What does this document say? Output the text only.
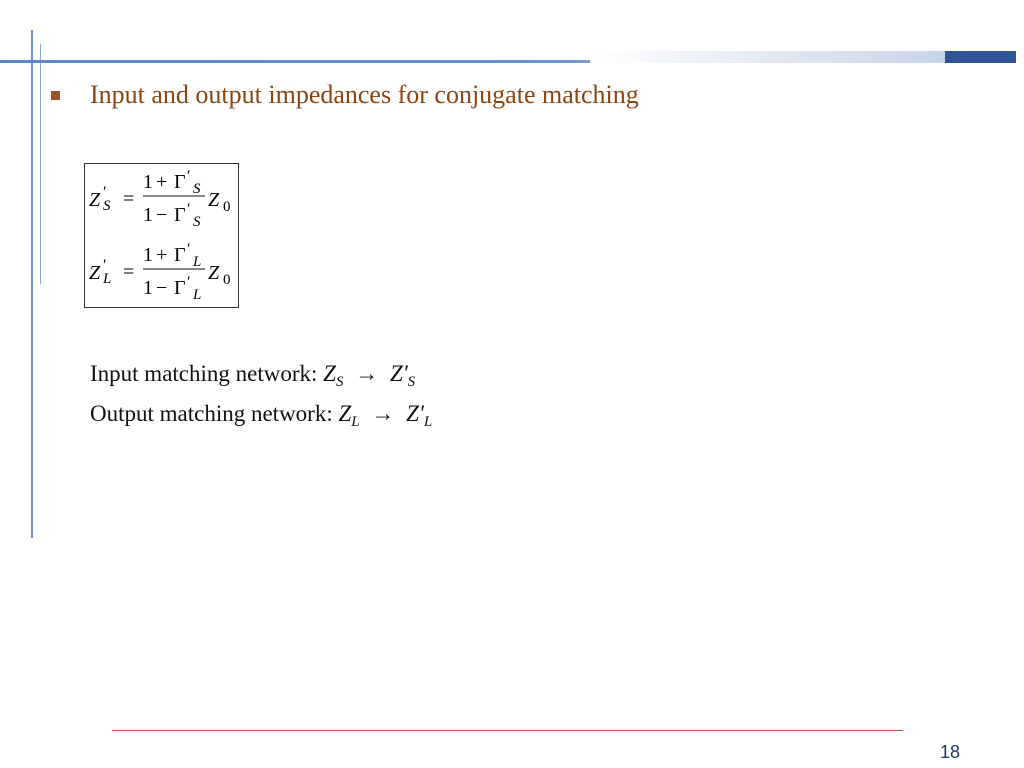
Input and output impedances for conjugate matching
Z ′
S =
1 + Γ ′
S
1 − Γ ′
S
Z 0
Z ′
L =
1 + Γ ′
L
1 − Γ ′
L
Z 0
Input matching network: $Z_S \to Z'_S$
Output matching network: $Z_L \to Z'_L$
18
